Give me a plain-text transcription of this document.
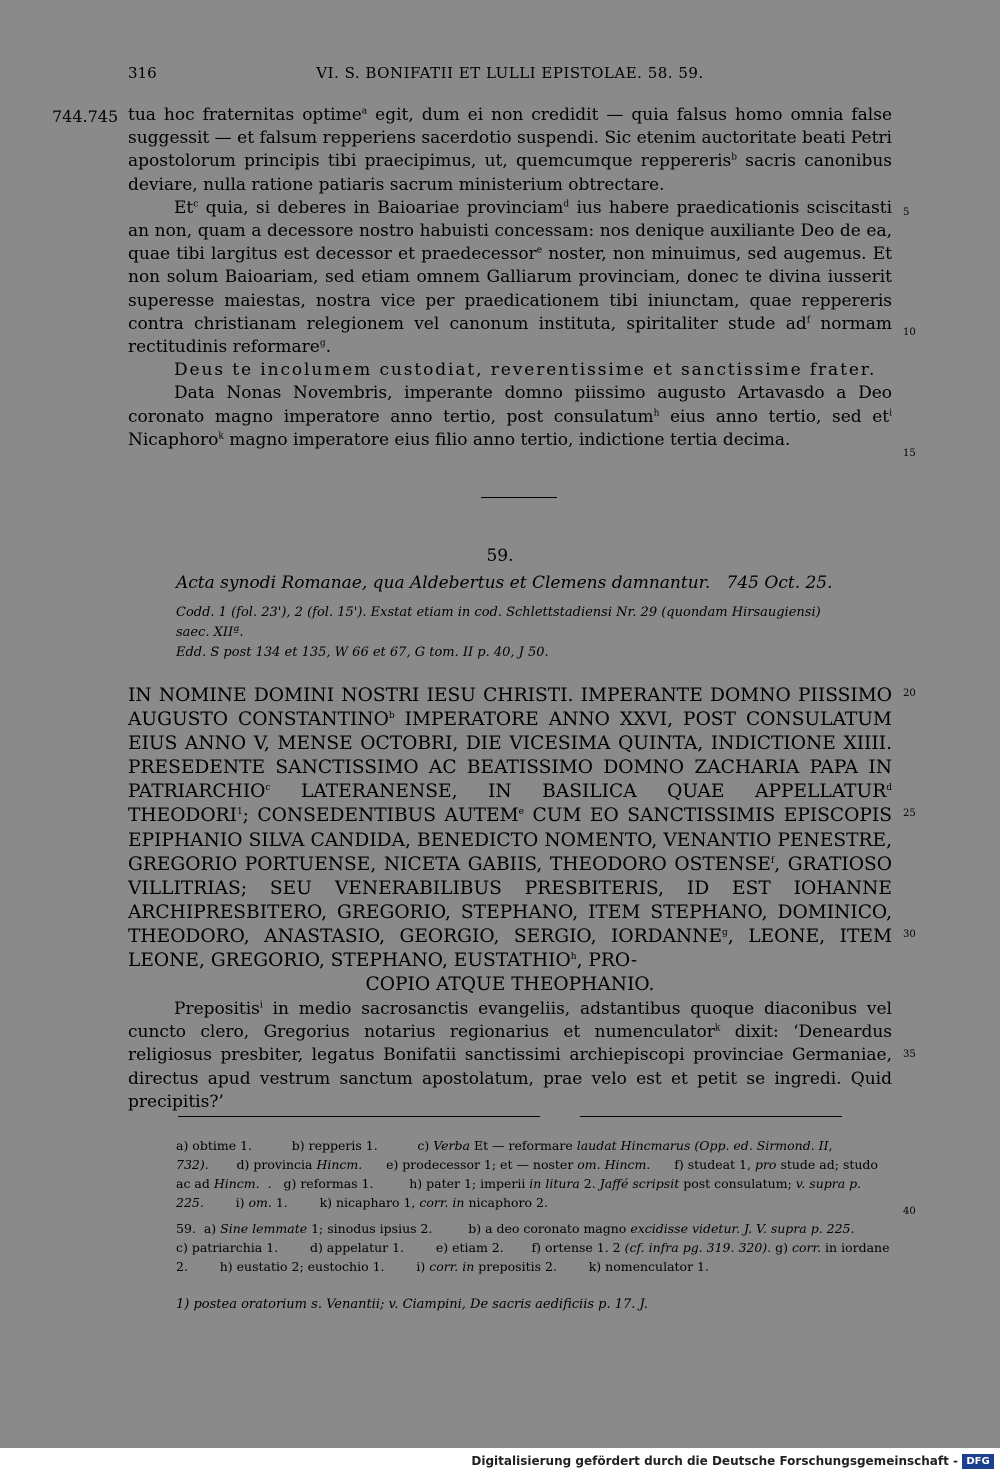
316	VI. S. BONIFATII ET LULLI EPISTOLAE. 58. 59.
744.745
5
10
15
20
25
30
35
40

tua hoc fraternitas optime$^a$ egit, dum ei non credidit — quia falsus homo omnia false suggessit — et falsum repperiens sacerdotio suspendi. Sic etenim auctoritate beati Petri apostolorum principis tibi praecipimus, ut, quemcumque reppereris$^b$ sacris canonibus deviare, nulla ratione patiaris sacrum ministerium obtrectare.

Et$^c$ quia, si deberes in Baioariae provinciam$^d$ ius habere praedicationis sciscitasti an non, quam a decessore nostro habuisti concessam: nos denique auxiliante Deo de ea, quae tibi largitus est decessor et praedecessor$^e$ noster, non minuimus, sed augemus. Et non solum Baioariam, sed etiam omnem Galliarum provinciam, donec te divina iusserit superesse maiestas, nostra vice per praedicationem tibi iniunctam, quae reppereris contra christianam relegionem vel canonum instituta, spiritaliter stude $ad^f$ normam rectitudinis reformare$^g$.

Deus te incolumem custodiat, reverentissime et sanctissime frater.

Data Nonas Novembris, imperante domno piissimo augusto Artavasdo a Deo coronato magno imperatore anno tertio, post consulatum$^h$ eius anno tertio, sed $et^i$ Nicaphoro$^k$ magno imperatore eius filio anno tertio, indictione tertia decima.

59.
Acta synodi Romanae, qua Aldebertus et Clemens damnantur. 745 Oct. 25.
Codd. 1 (fol. 23'), 2 (fol. 15'). Exstat etiam in cod. Schlettstadiensi Nr. 29 (quondam Hirsaugiensi)
saec. XIIª.
Edd. S post 134 et 135, W 66 et 67, G tom. II p. 40, J 50.
IN NOMINE DOMINI NOSTRI IESU CHRISTI. IMPERANTE DOMNO PIISSIMO AUGUSTO CONSTANTINO$^b$ IMPERATORE ANNO XXVI, POST CONSULATUM EIUS ANNO V, MENSE OCTOBRI, DIE VICESIMA QUINTA, INDICTIONE XIIII. PRESEDENTE SANCTISSIMO AC BEATISSIMO DOMNO ZACHARIA PAPA IN PATRIARCHIO$^c$ LATERANENSE, IN BASILICA QUAE APPELLATUR$^d$ THEODORI$^1$; CONSEDENTIBUS AUTEM$^e$ CUM EO SANCTISSIMIS EPISCOPIS EPIPHANIO SILVA CANDIDA, BENEDICTO NOMENTO, VENANTIO PENESTRE, GREGORIO PORTUENSE, NICETA GABIIS, THEODORO OSTENSE$^f$, GRATIOSO VILLITRIAS; SEU VENERABILIBUS PRESBITERIS, ID EST IOHANNE ARCHIPRESBITERO, GREGORIO, STEPHANO, ITEM STEPHANO, DOMINICO, THEODORO, ANASTASIO, GEORGIO, SERGIO, IORDANNE$^g$, LEONE, ITEM LEONE, GREGORIO, STEPHANO, EUSTATHIO$^h$, PRO-
COPIO ATQUE THEOPHANIO.

Prepositis$^i$ in medio sacrosanctis evangeliis, adstantibus quoque diaconibus vel cuncto clero, Gregorius notarius regionarius et numenculator$^k$ dixit: ‘Deneardus religiosus presbiter, legatus Bonifatii sanctissimi archiepiscopi provinciae Germaniae, directus apud vestrum sanctum apostolatum, prae velo est et petit se ingredi. Quid precipitis?’

a) obtime 1.	b) repperis 1.	c) Verba Et — reformare laudat Hincmarus (Opp. ed. Sirmond. II, 732). d) provincia Hincm. e) prodecessor 1; et — noster om. Hincm. f) studeat 1, pro stude ad; studo ac ad Hincm.  .   g) reformas 1.	h) pater 1; imperii in litura 2. Jaffé scripsit post consulatum; v. supra p. 225.	i) om. 1.	k) nicapharo 1, corr. in nicaphoro 2.

59. a) Sine lemmate 1; sinodus ipsius 2.	b) a deo coronato magno excidisse videtur. J. V. supra p. 225.         c) patriarchia 1.	d) appelatur 1.	e) etiam 2. f) ortense 1. 2 (cf. infra pg. 319. 320). g) corr. in iordane 2.	h) eustatio 2; eustochio 1.	i) corr. in prepositis 2.	k) nomenculator 1.

1) postea oratorium s. Venantii; v. Ciampini, De sacris aedificiis p. 17. J.
Digitalisierung gefördert durch die Deutsche Forschungsgemeinschaft - DFG
